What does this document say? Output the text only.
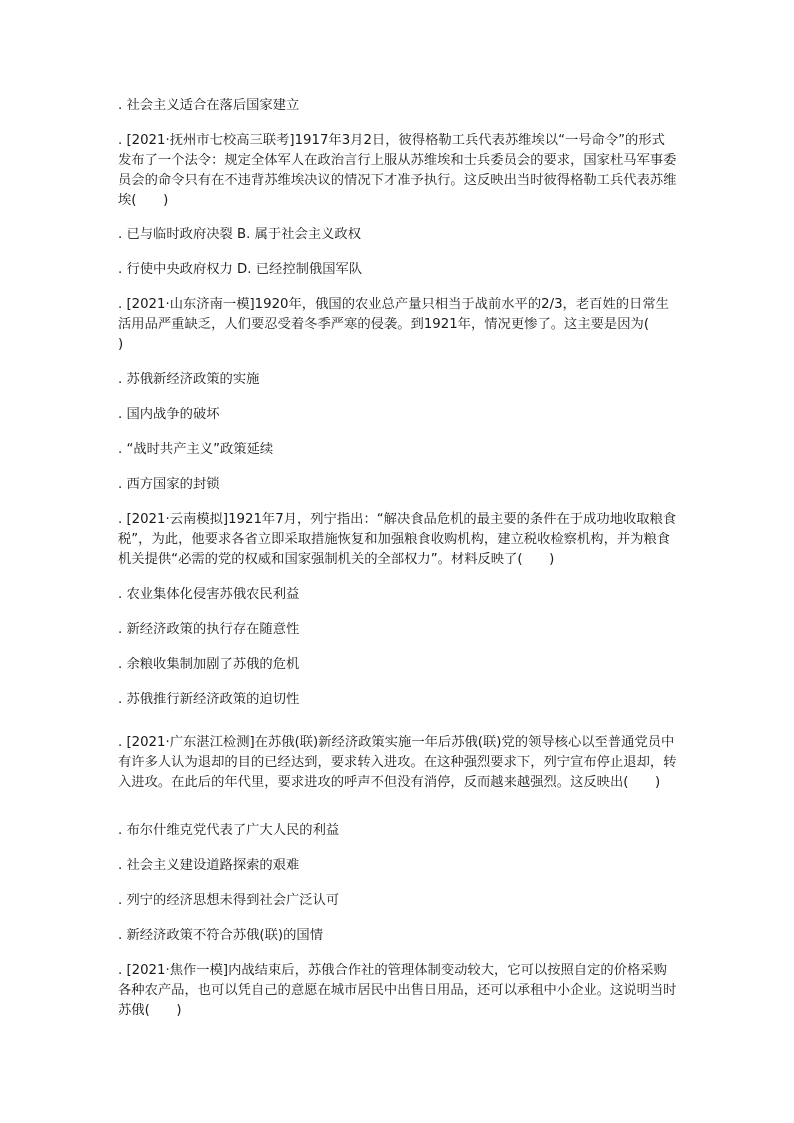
. 社会主义适合在落后国家建立

. [2021·抚州市七校高三联考]1917年3月2日，彼得格勒工兵代表苏维埃以“一号命令”的形式发布了一个法令：规定全体军人在政治言行上服从苏维埃和士兵委员会的要求，国家杜马军事委员会的命令只有在不违背苏维埃决议的情况下才准予执行。这反映出当时彼得格勒工兵代表苏维埃(　　)

. 已与临时政府决裂 B. 属于社会主义政权

. 行使中央政府权力 D. 已经控制俄国军队

. [2021·山东济南一模]1920年，俄国的农业总产量只相当于战前水平的2/3，老百姓的日常生活用品严重缺乏，人们要忍受着冬季严寒的侵袭。到1921年，情况更惨了。这主要是因为(　　)

. 苏俄新经济政策的实施

. 国内战争的破坏

. “战时共产主义”政策延续

. 西方国家的封锁

. [2021·云南模拟]1921年7月，列宁指出：“解决食品危机的最主要的条件在于成功地收取粮食税”，为此，他要求各省立即采取措施恢复和加强粮食收购机构，建立税收检察机构，并为粮食机关提供“必需的党的权威和国家强制机关的全部权力”。材料反映了(　　)

. 农业集体化侵害苏俄农民利益

. 新经济政策的执行存在随意性

. 余粮收集制加剧了苏俄的危机

. 苏俄推行新经济政策的迫切性

. [2021·广东湛江检测]在苏俄(联)新经济政策实施一年后苏俄(联)党的领导核心以至普通党员中有许多人认为退却的目的已经达到，要求转入进攻。在这种强烈要求下，列宁宣布停止退却，转入进攻。在此后的年代里，要求进攻的呼声不但没有消停，反而越来越强烈。这反映出(　　)

. 布尔什维克党代表了广大人民的利益

. 社会主义建设道路探索的艰难

. 列宁的经济思想未得到社会广泛认可

. 新经济政策不符合苏俄(联)的国情

. [2021·焦作一模]内战结束后，苏俄合作社的管理体制变动较大，它可以按照自定的价格采购各种农产品，也可以凭自己的意愿在城市居民中出售日用品，还可以承租中小企业。这说明当时苏俄(　　)
